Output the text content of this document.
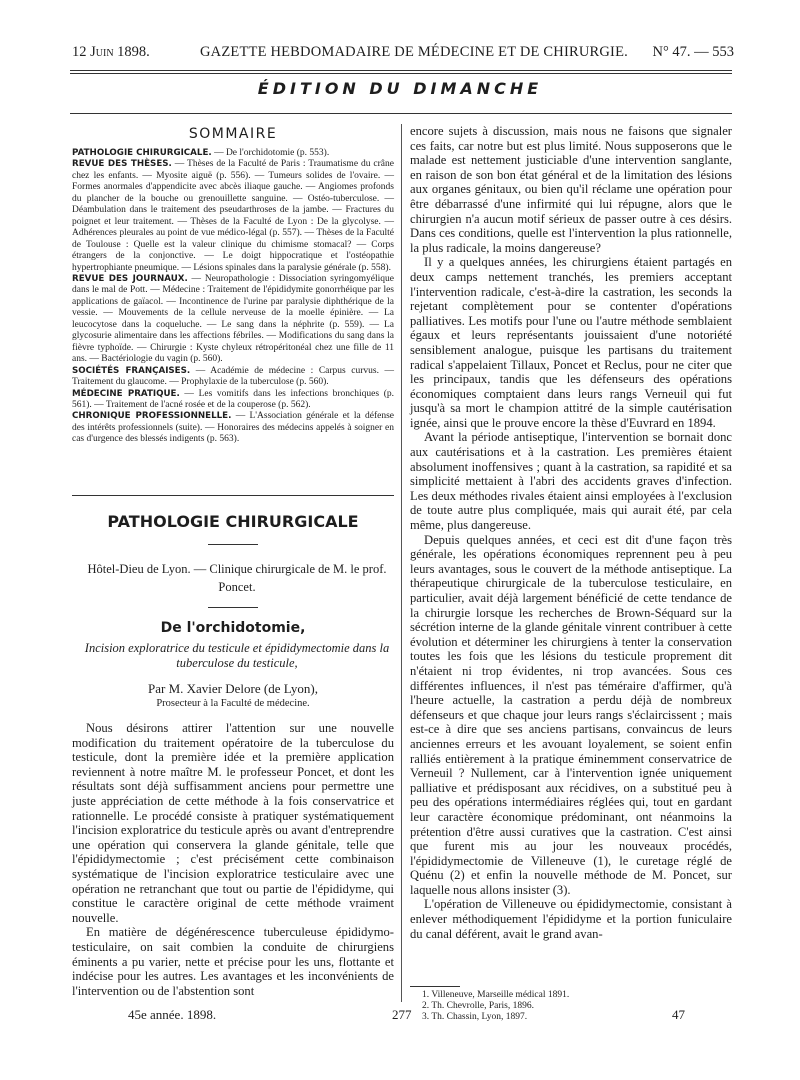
12 Juin 1898.	GAZETTE HEBDOMADAIRE DE MÉDECINE ET DE CHIRURGIE. N° 47. — 553
ÉDITION DU DIMANCHE
SOMMAIRE

PATHOLOGIE CHIRURGICALE. — De l'orchidotomie (p. 553).

REVUE DES THÈSES. — Thèses de la Faculté de Paris : Traumatisme du crâne chez les enfants. — Myosite aiguë (p. 556). — Tumeurs solides de l'ovaire. — Formes anormales d'appendicite avec abcès iliaque gauche. — Angiomes profonds du plancher de la bouche ou grenouillette sanguine. — Ostéo-tuberculose. — Déambulation dans le traitement des pseudarthroses de la jambe. — Fractures du poignet et leur traitement. — Thèses de la Faculté de Lyon : De la glycolyse. — Adhérences pleurales au point de vue médico-légal (p. 557). — Thèses de la Faculté de Toulouse : Quelle est la valeur clinique du chimisme stomacal? — Corps étrangers de la conjonctive. — Le doigt hippocratique et l'ostéopathie hypertrophiante pneumique. — Lésions spinales dans la paralysie générale (p. 558).

REVUE DES JOURNAUX. — Neuropathologie : Dissociation syringomyélique dans le mal de Pott. — Médecine : Traitement de l'épididymite gonorrhéique par les applications de gaïacol. — Incontinence de l'urine par paralysie diphthérique de la vessie. — Mouvements de la cellule nerveuse de la moelle épinière. — La leucocytose dans la coqueluche. — Le sang dans la néphrite (p. 559). — La glycosurie alimentaire dans les affections fébriles. — Modifications du sang dans la fièvre typhoïde. — Chirurgie : Kyste chyleux rétropéritonéal chez une fille de 11 ans. — Bactériologie du vagin (p. 560).

SOCIÉTÉS FRANÇAISES. — Académie de médecine : Carpus curvus. — Traitement du glaucome. — Prophylaxie de la tuberculose (p. 560).

MÉDECINE PRATIQUE. — Les vomitifs dans les infections bronchiques (p. 561). — Traitement de l'acné rosée et de la couperose (p. 562).

CHRONIQUE PROFESSIONNELLE. — L'Association générale et la défense des intérêts professionnels (suite). — Honoraires des médecins appelés à soigner en cas d'urgence des blessés indigents (p. 563).

PATHOLOGIE CHIRURGICALE
Hôtel-Dieu de Lyon. — Clinique chirurgicale de M. le prof. Poncet.
De l'orchidotomie,
Incision exploratrice du testicule et épididymectomie dans la tuberculose du testicule,
Par M. Xavier Delore (de Lyon),
Prosecteur à la Faculté de médecine.

Nous désirons attirer l'attention sur une nouvelle modification du traitement opératoire de la tuberculose du testicule, dont la première idée et la première application reviennent à notre maître M. le professeur Poncet, et dont les résultats sont déjà suffisamment anciens pour permettre une juste appréciation de cette méthode à la fois conservatrice et rationnelle. Le procédé consiste à pratiquer systématiquement l'incision exploratrice du testicule après ou avant d'entreprendre une opération qui conservera la glande génitale, telle que l'épididymectomie ; c'est précisément cette combinaison systématique de l'incision exploratrice testiculaire avec une opération ne retranchant que tout ou partie de l'épididyme, qui constitue le caractère original de cette méthode vraiment nouvelle.

En matière de dégénérescence tuberculeuse épididymo-testiculaire, on sait combien la conduite de chirurgiens éminents a pu varier, nette et précise pour les uns, flottante et indécise pour les autres. Les avantages et les inconvénients de l'intervention ou de l'abstention sont

encore sujets à discussion, mais nous ne faisons que signaler ces faits, car notre but est plus limité. Nous supposerons que le malade est nettement justiciable d'une intervention sanglante, en raison de son bon état général et de la limitation des lésions aux organes génitaux, ou bien qu'il réclame une opération pour être débarrassé d'une infirmité qui lui répugne, alors que le chirurgien n'a aucun motif sérieux de passer outre à ces désirs. Dans ces conditions, quelle est l'intervention la plus rationnelle, la plus radicale, la moins dangereuse?

Il y a quelques années, les chirurgiens étaient partagés en deux camps nettement tranchés, les premiers acceptant l'intervention radicale, c'est-à-dire la castration, les seconds la rejetant complètement pour se contenter d'opérations palliatives. Les motifs pour l'une ou l'autre méthode semblaient égaux et leurs représentants jouissaient d'une notoriété sensiblement analogue, puisque les partisans du traitement radical s'appelaient Tillaux, Poncet et Reclus, pour ne citer que les principaux, tandis que les défenseurs des opérations économiques comptaient dans leurs rangs Verneuil qui fut jusqu'à sa mort le champion attitré de la simple cautérisation ignée, ainsi que le prouve encore la thèse d'Euvrard en 1894.

Avant la période antiseptique, l'intervention se bornait donc aux cautérisations et à la castration. Les premières étaient absolument inoffensives ; quant à la castration, sa rapidité et sa simplicité mettaient à l'abri des accidents graves d'infection. Les deux méthodes rivales étaient ainsi employées à l'exclusion de toute autre plus compliquée, mais qui aurait été, par cela même, plus dangereuse.

Depuis quelques années, et ceci est dit d'une façon très générale, les opérations économiques reprennent peu à peu leurs avantages, sous le couvert de la méthode antiseptique. La thérapeutique chirurgicale de la tuberculose testiculaire, en particulier, avait déjà largement bénéficié de cette tendance de la chirurgie lorsque les recherches de Brown-Séquard sur la sécrétion interne de la glande génitale vinrent contribuer à cette évolution et déterminer les chirurgiens à tenter la conservation toutes les fois que les lésions du testicule proprement dit n'étaient ni trop évidentes, ni trop avancées. Sous ces différentes influences, il n'est pas téméraire d'affirmer, qu'à l'heure actuelle, la castration a perdu déjà de nombreux défenseurs et que chaque jour leurs rangs s'éclaircissent ; mais est-ce à dire que ses anciens partisans, convaincus de leurs anciennes erreurs et les avouant loyalement, se soient enfin ralliés entièrement à la pratique éminemment conservatrice de Verneuil ? Nullement, car à l'intervention ignée uniquement palliative et prédisposant aux récidives, on a substitué peu à peu des opérations intermédiaires réglées qui, tout en gardant leur caractère économique prédominant, ont néanmoins la prétention d'être aussi curatives que la castration. C'est ainsi que furent mis au jour les nouveaux procédés, l'épididymectomie de Villeneuve (1), le curetage réglé de Quénu (2) et enfin la nouvelle méthode de M. Poncet, sur laquelle nous allons insister (3).

L'opération de Villeneuve ou épididymectomie, consistant à enlever méthodiquement l'épididyme et la portion funiculaire du canal déférent, avait le grand avan-

1. Villeneuve, Marseille médical 1891.
2. Th. Chevrolle, Paris, 1896.
3. Th. Chassin, Lyon, 1897.
45e année. 1898.	277	47
